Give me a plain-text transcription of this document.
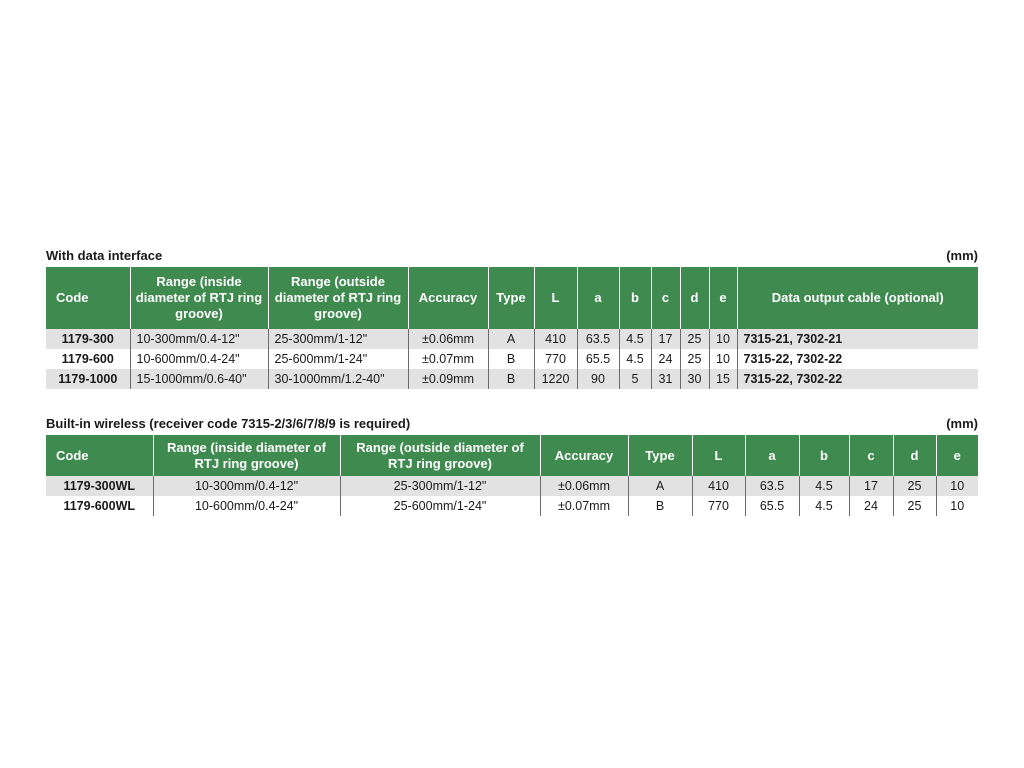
With data interface	(mm)
Code	Range (inside diameter of RTJ ring groove)	Range (outside diameter of RTJ ring groove)	Accuracy	Type	L	a	b	c	d	e	Data output cable (optional)
1179-300	10-300mm/0.4-12"	25-300mm/1-12"	±0.06mm	A	410	63.5	4.5	17	25	10	7315-21, 7302-21
1179-600	10-600mm/0.4-24"	25-600mm/1-24"	±0.07mm	B	770	65.5	4.5	24	25	10	7315-22, 7302-22
1179-1000	15-1000mm/0.6-40"	30-1000mm/1.2-40"	±0.09mm	B	1220	90	5	31	30	15	7315-22, 7302-22
Built-in wireless (receiver code 7315-2/3/6/7/8/9 is required)	(mm)
Code	Range (inside diameter of RTJ ring groove)	Range (outside diameter of RTJ ring groove)	Accuracy	Type	L	a	b	c	d	e
1179-300WL	10-300mm/0.4-12"	25-300mm/1-12"	±0.06mm	A	410	63.5	4.5	17	25	10
1179-600WL	10-600mm/0.4-24"	25-600mm/1-24"	±0.07mm	B	770	65.5	4.5	24	25	10
